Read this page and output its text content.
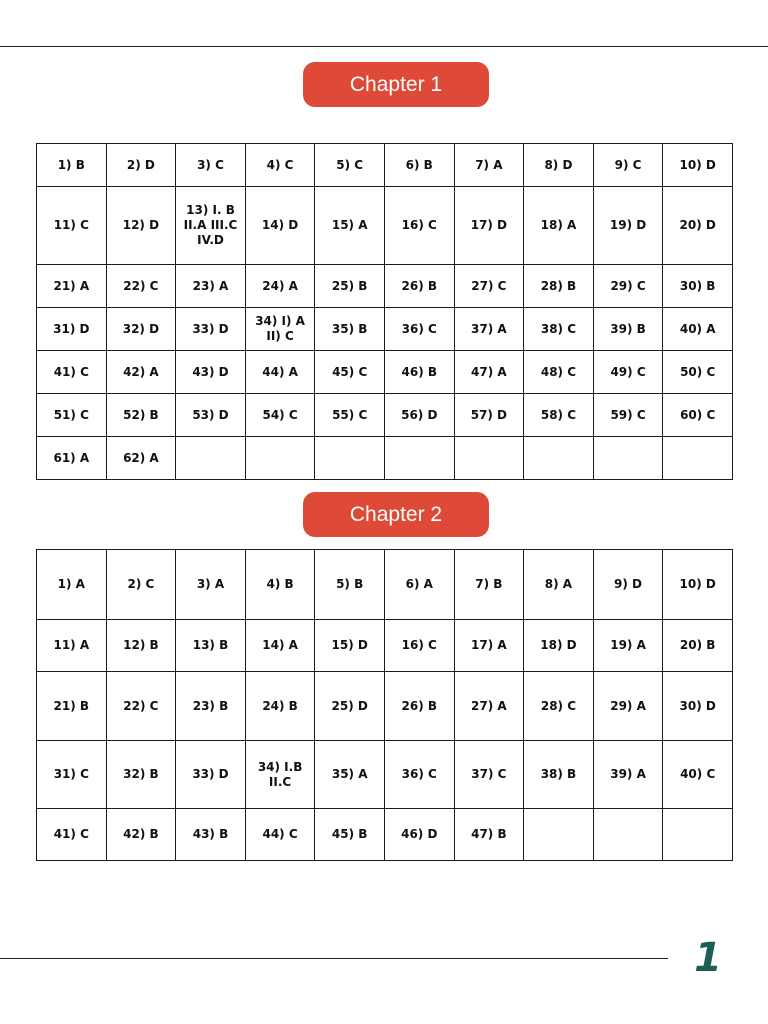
Chapter 1
1) B	2) D	3) C	4) C	5) C	6) B	7) A	8) D	9) C	10) D
11) C	12) D	13) I. B
II.A III.C
IV.D	14) D	15) A	16) C	17) D	18) A	19) D	20) D
21) A	22) C	23) A	24) A	25) B	26) B	27) C	28) B	29) C	30) B
31) D	32) D	33) D	34) I) A
II) C	35) B	36) C	37) A	38) C	39) B	40) A
41) C	42) A	43) D	44) A	45) C	46) B	47) A	48) C	49) C	50) C
51) C	52) B	53) D	54) C	55) C	56) D	57) D	58) C	59) C	60) C
61) A	62) A								
Chapter 2
1) A	2) C	3) A	4) B	5) B	6) A	7) B	8) A	9) D	10) D
11) A	12) B	13) B	14) A	15) D	16) C	17) A	18) D	19) A	20) B
21) B	22) C	23) B	24) B	25) D	26) B	27) A	28) C	29) A	30) D
31) C	32) B	33) D	34) I.B
II.C	35) A	36) C	37) C	38) B	39) A	40) C
41) C	42) B	43) B	44) C	45) B	46) D	47) B			
1
